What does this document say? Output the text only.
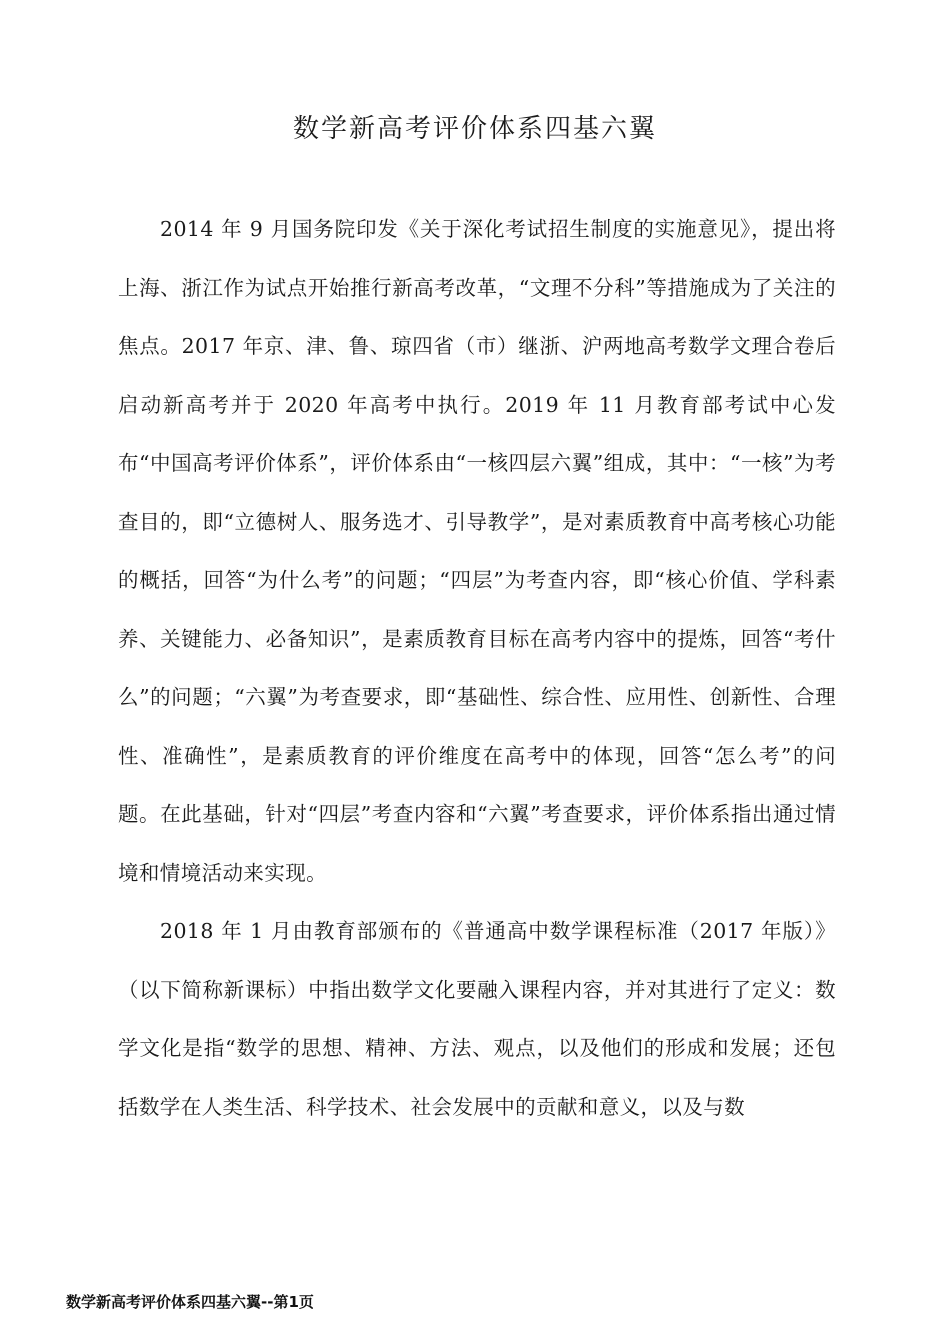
数学新高考评价体系四基六翼

2014 年 9 月国务院印发《关于深化考试招生制度的实施意见》，提出将上海、浙江作为试点开始推行新高考改革，“文理不分科”等措施成为了关注的焦点。2017 年京、津、鲁、琼四省（市）继浙、沪两地高考数学文理合卷后启动新高考并于 2020 年高考中执行。2019 年 11 月教育部考试中心发布“中国高考评价体系”，评价体系由“一核四层六翼”组成，其中：“一核”为考查目的，即“立德树人、服务选才、引导教学”，是对素质教育中高考核心功能的概括，回答“为什么考”的问题；“四层”为考查内容，即“核心价值、学科素养、关键能力、必备知识”，是素质教育目标在高考内容中的提炼，回答“考什么”的问题；“六翼”为考查要求，即“基础性、综合性、应用性、创新性、合理性、准确性”，是素质教育的评价维度在高考中的体现，回答“怎么考”的问题。在此基础，针对“四层”考查内容和“六翼”考查要求，评价体系指出通过情境和情境活动来实现。

2018 年 1 月由教育部颁布的《普通高中数学课程标准（2017 年版）》（以下简称新课标）中指出数学文化要融入课程内容，并对其进行了定义：数学文化是指“数学的思想、精神、方法、观点，以及他们的形成和发展；还包括数学在人类生活、科学技术、社会发展中的贡献和意义，以及与数

数学新高考评价体系四基六翼--第1页
